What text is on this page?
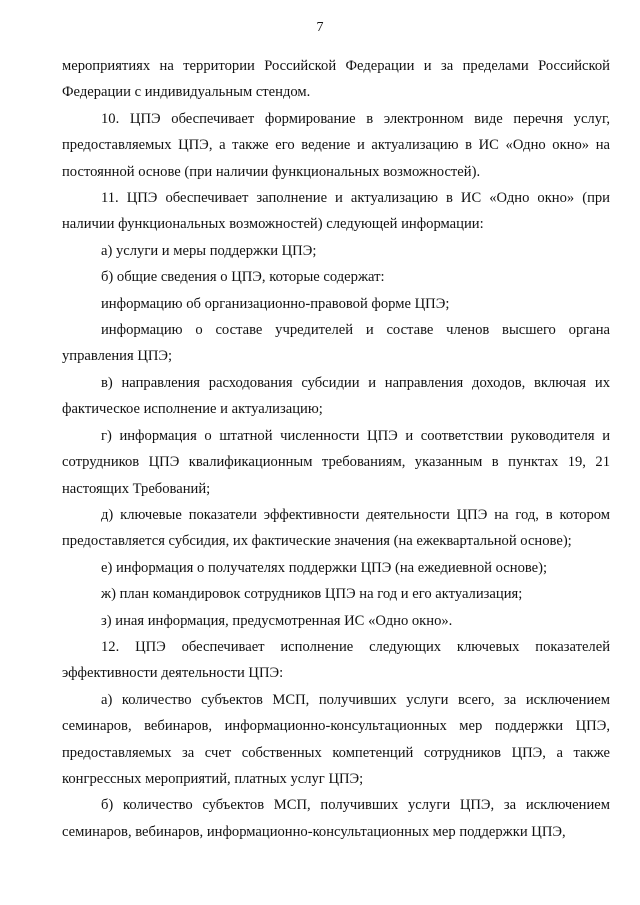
7

мероприятиях на территории Российской Федерации и за пределами Российской Федерации с индивидуальным стендом.

10. ЦПЭ обеспечивает формирование в электронном виде перечня услуг, предоставляемых ЦПЭ, а также его ведение и актуализацию в ИС «Одно окно» на постоянной основе (при наличии функциональных возможностей).

11. ЦПЭ обеспечивает заполнение и актуализацию в ИС «Одно окно» (при наличии функциональных возможностей) следующей информации:

а) услуги и меры поддержки ЦПЭ;

б) общие сведения о ЦПЭ, которые содержат:

информацию об организационно-правовой форме ЦПЭ;

информацию о составе учредителей и составе членов высшего органа управления ЦПЭ;

в) направления расходования субсидии и направления доходов, включая их фактическое исполнение и актуализацию;

г) информация о штатной численности ЦПЭ и соответствии руководителя и сотрудников ЦПЭ квалификационным требованиям, указанным в пунктах 19, 21 настоящих Требований;

д) ключевые показатели эффективности деятельности ЦПЭ на год, в котором предоставляется субсидия, их фактические значения (на ежеквартальной основе);

е) информация о получателях поддержки ЦПЭ (на ежедиевной основе);

ж) план командировок сотрудников ЦПЭ на год и его актуализация;

з) иная информация, предусмотренная ИС «Одно окно».

12. ЦПЭ обеспечивает исполнение следующих ключевых показателей эффективности деятельности ЦПЭ:

а) количество субъектов МСП, получивших услуги всего, за исключением семинаров, вебинаров, информационно-консультационных мер поддержки ЦПЭ, предоставляемых за счет собственных компетенций сотрудников ЦПЭ, а также конгрессных мероприятий, платных услуг ЦПЭ;

б) количество субъектов МСП, получивших услуги ЦПЭ, за исключением семинаров, вебинаров, информационно-консультационных мер поддержки ЦПЭ,
